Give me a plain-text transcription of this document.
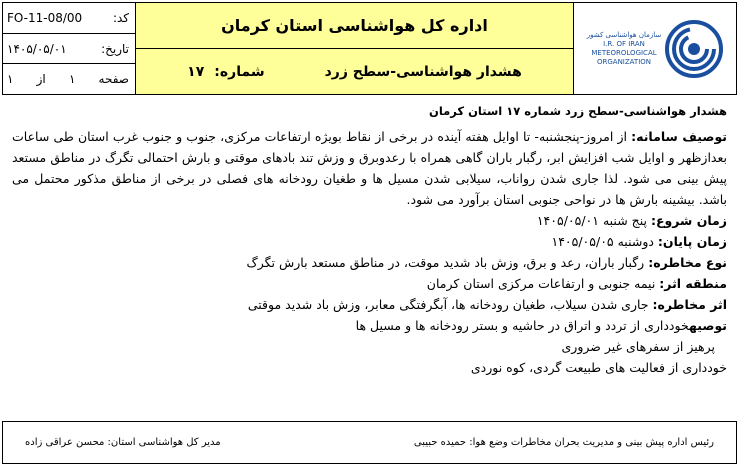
FO-11-08/00	کد:
۱۴۰۵/۰۵/۰۱	تاریخ:
صفحه
۱
از
۱
اداره کل هواشناسی استان کرمان
هشدار هواشناسی-سطح زرد
شماره:
۱۷
سازمان هواشناسی کشور
I.R. OF IRAN
METEOROLOGICAL
ORGANIZATION
هشدار هواشناسی-سطح زرد شماره ۱۷ استان کرمان
توصیف سامانه: از امروز-پنجشنبه- تا اوایل هفته آینده در برخی از نقاط بویژه ارتفاعات مرکزی، جنوب و جنوب غرب استان طی ساعات بعدازظهر و اوایل شب افزایش ابر، رگبار باران گاهی همراه با رعدوبرق و وزش تند بادهای موقتی و بارش احتمالی تگرگ در مناطق مستعد پیش بینی می شود. لذا جاری شدن رواناب، سیلابی شدن مسیل ها و طغیان رودخانه های فصلی در برخی از مناطق مذکور محتمل می باشد. بیشینه بارش ها در نواحی جنوبی استان برآورد می شود.
زمان شروع: پنج شنبه ۱۴۰۵/۰۵/۰۱
زمان پایان: دوشنبه ۱۴۰۵/۰۵/۰۵
نوع مخاطره: رگبار باران، رعد و برق، وزش باد شدید موقت، در مناطق مستعد بارش تگرگ
منطقه اثر: نیمه جنوبی و ارتفاعات مرکزی استان کرمان
اثر مخاطره: جاری شدن سیلاب، طغیان رودخانه ها، آبگرفتگی معابر، وزش باد شدید موقتی
توصیهخودداری از تردد و اتراق در حاشیه و بستر رودخانه ها و مسیل ها
پرهیز از سفرهای غیر ضروری
خودداری از فعالیت های طبیعت گردی، کوه نوردی
رئیس اداره پیش بینی و مدیریت بحران مخاطرات وضع هوا: حمیده حبیبی
مدیر کل هواشناسی استان: محسن عراقی زاده
